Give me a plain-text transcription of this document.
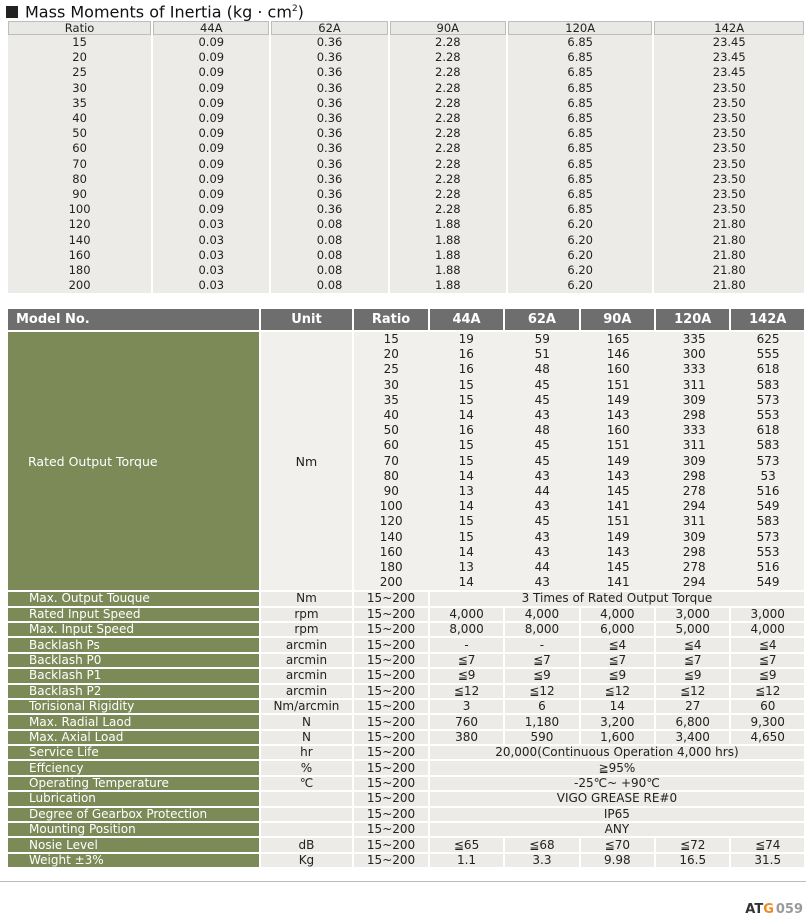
Mass Moments of Inertia $(kg \cdot cm^2)$
Ratio	44A	62A	90A	120A	142A
15	0.09	0.36	2.28	6.85	23.45
20	0.09	0.36	2.28	6.85	23.45
25	0.09	0.36	2.28	6.85	23.45
30	0.09	0.36	2.28	6.85	23.50
35	0.09	0.36	2.28	6.85	23.50
40	0.09	0.36	2.28	6.85	23.50
50	0.09	0.36	2.28	6.85	23.50
60	0.09	0.36	2.28	6.85	23.50
70	0.09	0.36	2.28	6.85	23.50
80	0.09	0.36	2.28	6.85	23.50
90	0.09	0.36	2.28	6.85	23.50
100	0.09	0.36	2.28	6.85	23.50
120	0.03	0.08	1.88	6.20	21.80
140	0.03	0.08	1.88	6.20	21.80
160	0.03	0.08	1.88	6.20	21.80
180	0.03	0.08	1.88	6.20	21.80
200	0.03	0.08	1.88	6.20	21.80
Model No.	Unit	Ratio	44A	62A	90A	120A	142A
Rated Output Torque	Nm	
15	19	59	165	335	625
20	16	51	146	300	555
25	16	48	160	333	618
30	15	45	151	311	583
35	15	45	149	309	573
40	14	43	143	298	553
50	16	48	160	333	618
60	15	45	151	311	583
70	15	45	149	309	573
80	14	43	143	298	53
90	13	44	145	278	516
100	14	43	141	294	549
120	15	45	151	311	583
140	15	43	149	309	573
160	14	43	143	298	553
180	13	44	145	278	516
200	14	43	141	294	549

Max. Output Touque	Nm	15~200	3 Times of Rated Output Torque
Rated Input Speed	rpm	15~200	4,000	4,000	4,000	3,000	3,000
Max. Input Speed	rpm	15~200	8,000	8,000	6,000	5,000	4,000
Backlash Ps	arcmin	15~200	-	-	≦4	≦4	≦4
Backlash P0	arcmin	15~200	≦7	≦7	≦7	≦7	≦7
Backlash P1	arcmin	15~200	≦9	≦9	≦9	≦9	≦9
Backlash P2	arcmin	15~200	≦12	≦12	≦12	≦12	≦12
Torisional Rigidity	Nm/arcmin	15~200	3	6	14	27	60
Max. Radial Laod	N	15~200	760	1,180	3,200	6,800	9,300
Max. Axial Load	N	15~200	380	590	1,600	3,400	4,650
Service Life	hr	15~200	20,000(Continuous Operation 4,000 hrs)
Effciency	%	15~200	≧95%
Operating Temperature	℃	15~200	-25℃~ +90℃
Lubrication		15~200	VIGO GREASE RE#0
Degree of Gearbox Protection		15~200	IP65
Mounting Position		15~200	ANY
Nosie Level	dB	15~200	≦65	≦68	≦70	≦72	≦74
Weight ±3%	Kg	15~200	1.1	3.3	9.98	16.5	31.5
ATG 059
